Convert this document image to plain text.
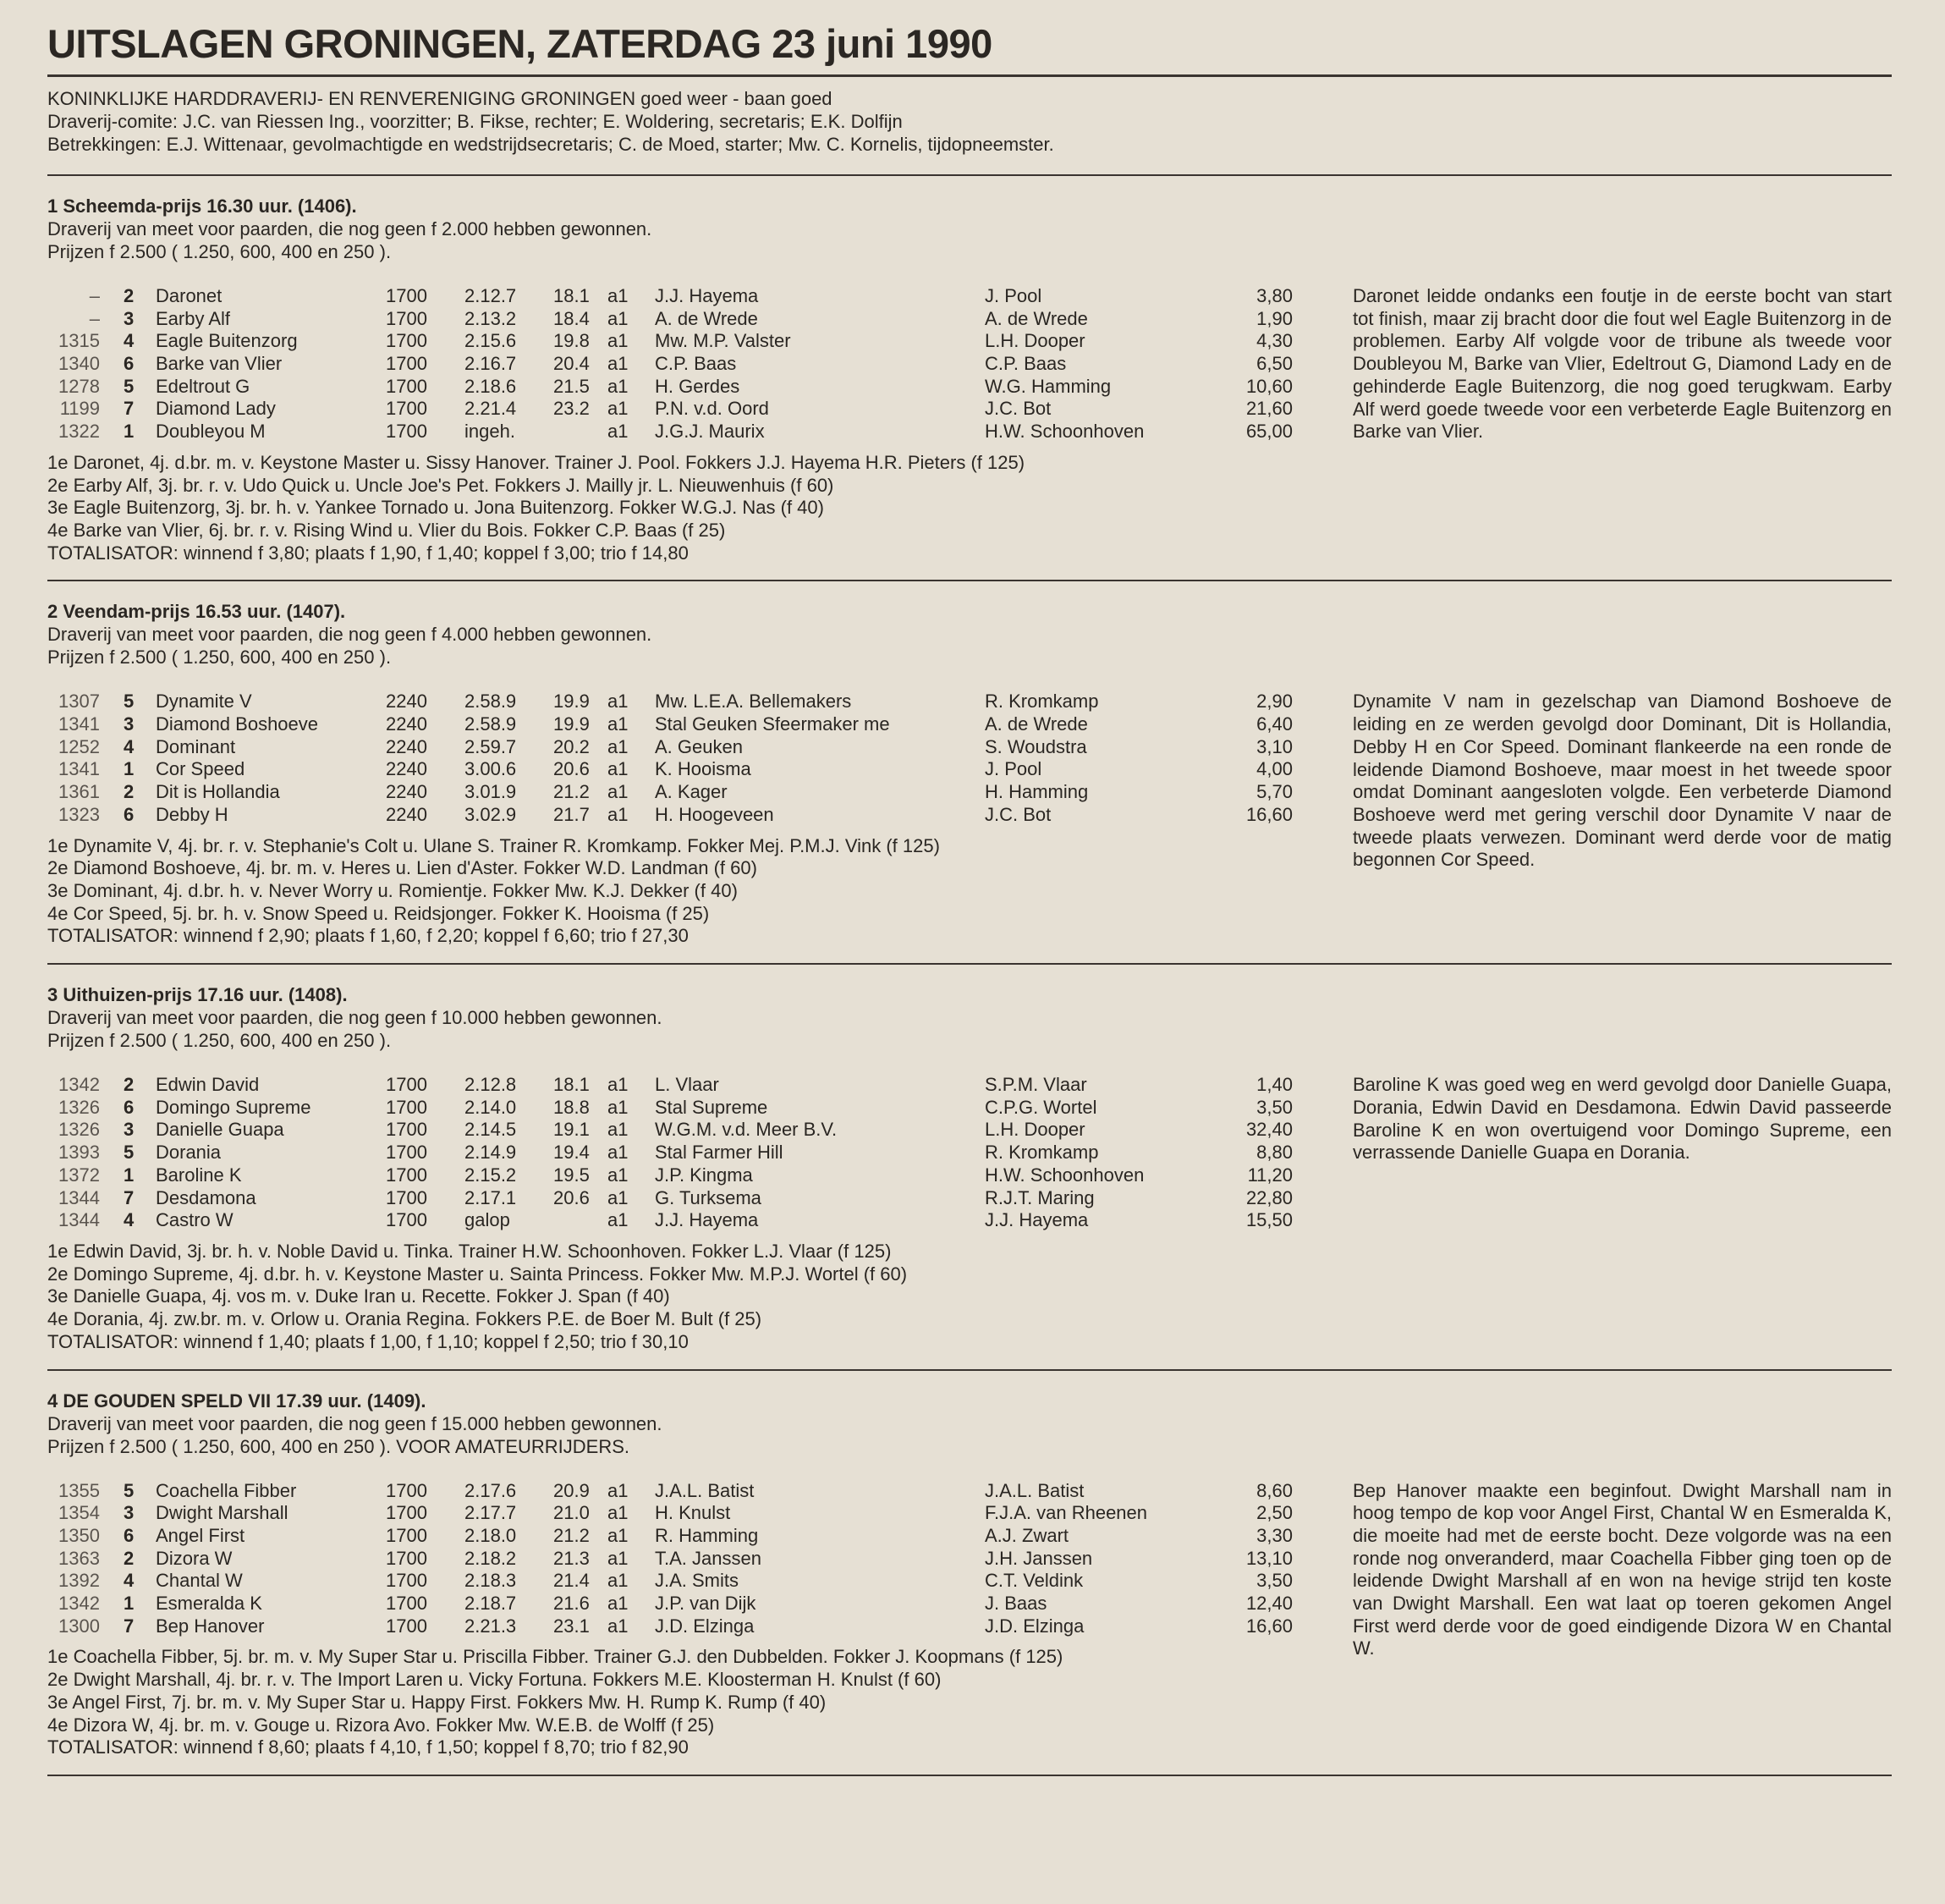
UITSLAGEN GRONINGEN, ZATERDAG 23 juni 1990
KONINKLIJKE HARDDRAVERIJ- EN RENVERENIGING GRONINGEN goed weer - baan goed
Draverij-comite: J.C. van Riessen Ing., voorzitter; B. Fikse, rechter; E. Woldering, secretaris; E.K. Dolfijn
Betrekkingen: E.J. Wittenaar, gevolmachtigde en wedstrijdsecretaris; C. de Moed, starter; Mw. C. Kornelis, tijdopneemster.
1 Scheemda-prijs 16.30 uur. (1406).
Draverij van meet voor paarden, die nog geen f 2.000 hebben gewonnen.
Prijzen f 2.500 ( 1.250, 600, 400 en 250 ).
– 2 Daronet	1700 2.12.7 18.1 a1 J.J. Hayema	J. Pool	3,80
– 3 Earby Alf	1700 2.13.2 18.4 a1 A. de Wrede	A. de Wrede	1,90
1315 4 Eagle Buitenzorg	1700 2.15.6 19.8 a1 Mw. M.P. Valster	L.H. Dooper	4,30
1340 6 Barke van Vlier	1700 2.16.7 20.4 a1 C.P. Baas	C.P. Baas	6,50
1278 5 Edeltrout G	1700 2.18.6 21.5 a1 H. Gerdes	W.G. Hamming	10,60
1199 7 Diamond Lady	1700 2.21.4 23.2 a1 P.N. v.d. Oord	J.C. Bot	21,60
1322 1 Doubleyou M	1700 ingeh.	a1 J.G.J. Maurix	H.W. Schoonhoven	65,00
Daronet leidde ondanks een foutje in de eerste bocht van start tot finish, maar zij bracht door die fout wel Eagle Buitenzorg in de problemen. Earby Alf volgde voor de tribune als tweede voor Doubleyou M, Barke van Vlier, Edeltrout G, Diamond Lady en de gehinderde Eagle Buitenzorg, die nog goed terugkwam. Earby Alf werd goede tweede voor een verbeterde Eagle Buitenzorg en Barke van Vlier.
1e Daronet, 4j. d.br. m. v. Keystone Master u. Sissy Hanover. Trainer J. Pool. Fokkers J.J. Hayema H.R. Pieters (f 125)
2e Earby Alf, 3j. br. r. v. Udo Quick u. Uncle Joe's Pet. Fokkers J. Mailly jr. L. Nieuwenhuis (f 60)
3e Eagle Buitenzorg, 3j. br. h. v. Yankee Tornado u. Jona Buitenzorg. Fokker W.G.J. Nas (f 40)
4e Barke van Vlier, 6j. br. r. v. Rising Wind u. Vlier du Bois. Fokker C.P. Baas (f 25)
TOTALISATOR: winnend f 3,80; plaats f 1,90, f 1,40; koppel f 3,00; trio f 14,80
2 Veendam-prijs 16.53 uur. (1407).
Draverij van meet voor paarden, die nog geen f 4.000 hebben gewonnen.
Prijzen f 2.500 ( 1.250, 600, 400 en 250 ).
1307 5 Dynamite V	2240 2.58.9 19.9 a1 Mw. L.E.A. Bellemakers	R. Kromkamp	2,90
1341 3 Diamond Boshoeve	2240 2.58.9 19.9 a1 Stal Geuken Sfeermaker me	A. de Wrede	6,40
1252 4 Dominant	2240 2.59.7 20.2 a1 A. Geuken	S. Woudstra	3,10
1341 1 Cor Speed	2240 3.00.6 20.6 a1 K. Hooisma	J. Pool	4,00
1361 2 Dit is Hollandia	2240 3.01.9 21.2 a1 A. Kager	H. Hamming	5,70
1323 6 Debby H	2240 3.02.9 21.7 a1 H. Hoogeveen	J.C. Bot	16,60
Dynamite V nam in gezelschap van Diamond Boshoeve de leiding en ze werden gevolgd door Dominant, Dit is Hollandia, Debby H en Cor Speed. Dominant flankeerde na een ronde de leidende Diamond Boshoeve, maar moest in het tweede spoor omdat Dominant aangesloten volgde. Een verbeterde Diamond Boshoeve werd met gering verschil door Dynamite V naar de tweede plaats verwezen. Dominant werd derde voor de matig begonnen Cor Speed.
1e Dynamite V, 4j. br. r. v. Stephanie's Colt u. Ulane S. Trainer R. Kromkamp. Fokker Mej. P.M.J. Vink (f 125)
2e Diamond Boshoeve, 4j. br. m. v. Heres u. Lien d'Aster. Fokker W.D. Landman (f 60)
3e Dominant, 4j. d.br. h. v. Never Worry u. Romientje. Fokker Mw. K.J. Dekker (f 40)
4e Cor Speed, 5j. br. h. v. Snow Speed u. Reidsjonger. Fokker K. Hooisma (f 25)
TOTALISATOR: winnend f 2,90; plaats f 1,60, f 2,20; koppel f 6,60; trio f 27,30
3 Uithuizen-prijs 17.16 uur. (1408).
Draverij van meet voor paarden, die nog geen f 10.000 hebben gewonnen.
Prijzen f 2.500 ( 1.250, 600, 400 en 250 ).
1342 2 Edwin David	1700 2.12.8 18.1 a1 L. Vlaar	S.P.M. Vlaar	1,40
1326 6 Domingo Supreme	1700 2.14.0 18.8 a1 Stal Supreme	C.P.G. Wortel	3,50
1326 3 Danielle Guapa	1700 2.14.5 19.1 a1 W.G.M. v.d. Meer B.V.	L.H. Dooper	32,40
1393 5 Dorania	1700 2.14.9 19.4 a1 Stal Farmer Hill	R. Kromkamp	8,80
1372 1 Baroline K	1700 2.15.2 19.5 a1 J.P. Kingma	H.W. Schoonhoven	11,20
1344 7 Desdamona	1700 2.17.1 20.6 a1 G. Turksema	R.J.T. Maring	22,80
1344 4 Castro W	1700 galop	a1 J.J. Hayema	J.J. Hayema	15,50
Baroline K was goed weg en werd gevolgd door Danielle Guapa, Dorania, Edwin David en Desdamona. Edwin David passeerde Baroline K en won overtuigend voor Domingo Supreme, een verrassende Danielle Guapa en Dorania.
1e Edwin David, 3j. br. h. v. Noble David u. Tinka. Trainer H.W. Schoonhoven. Fokker L.J. Vlaar (f 125)
2e Domingo Supreme, 4j. d.br. h. v. Keystone Master u. Sainta Princess. Fokker Mw. M.P.J. Wortel (f 60)
3e Danielle Guapa, 4j. vos m. v. Duke Iran u. Recette. Fokker J. Span (f 40)
4e Dorania, 4j. zw.br. m. v. Orlow u. Orania Regina. Fokkers P.E. de Boer M. Bult (f 25)
TOTALISATOR: winnend f 1,40; plaats f 1,00, f 1,10; koppel f 2,50; trio f 30,10
4 DE GOUDEN SPELD VII 17.39 uur. (1409).
Draverij van meet voor paarden, die nog geen f 15.000 hebben gewonnen.
Prijzen f 2.500 ( 1.250, 600, 400 en 250 ). VOOR AMATEURRIJDERS.
1355 5 Coachella Fibber	1700 2.17.6 20.9 a1 J.A.L. Batist	J.A.L. Batist	8,60
1354 3 Dwight Marshall	1700 2.17.7 21.0 a1 H. Knulst	F.J.A. van Rheenen	2,50
1350 6 Angel First	1700 2.18.0 21.2 a1 R. Hamming	A.J. Zwart	3,30
1363 2 Dizora W	1700 2.18.2 21.3 a1 T.A. Janssen	J.H. Janssen	13,10
1392 4 Chantal W	1700 2.18.3 21.4 a1 J.A. Smits	C.T. Veldink	3,50
1342 1 Esmeralda K	1700 2.18.7 21.6 a1 J.P. van Dijk	J. Baas	12,40
1300 7 Bep Hanover	1700 2.21.3 23.1 a1 J.D. Elzinga	J.D. Elzinga	16,60
Bep Hanover maakte een beginfout. Dwight Marshall nam in hoog tempo de kop voor Angel First, Chantal W en Esmeralda K, die moeite had met de eerste bocht. Deze volgorde was na een ronde nog onveranderd, maar Coachella Fibber ging toen op de leidende Dwight Marshall af en won na hevige strijd ten koste van Dwight Marshall. Een wat laat op toeren gekomen Angel First werd derde voor de goed eindigende Dizora W en Chantal W.
1e Coachella Fibber, 5j. br. m. v. My Super Star u. Priscilla Fibber. Trainer G.J. den Dubbelden. Fokker J. Koopmans (f 125)
2e Dwight Marshall, 4j. br. r. v. The Import Laren u. Vicky Fortuna. Fokkers M.E. Kloosterman H. Knulst (f 60)
3e Angel First, 7j. br. m. v. My Super Star u. Happy First. Fokkers Mw. H. Rump K. Rump (f 40)
4e Dizora W, 4j. br. m. v. Gouge u. Rizora Avo. Fokker Mw. W.E.B. de Wolff (f 25)
TOTALISATOR: winnend f 8,60; plaats f 4,10, f 1,50; koppel f 8,70; trio f 82,90
